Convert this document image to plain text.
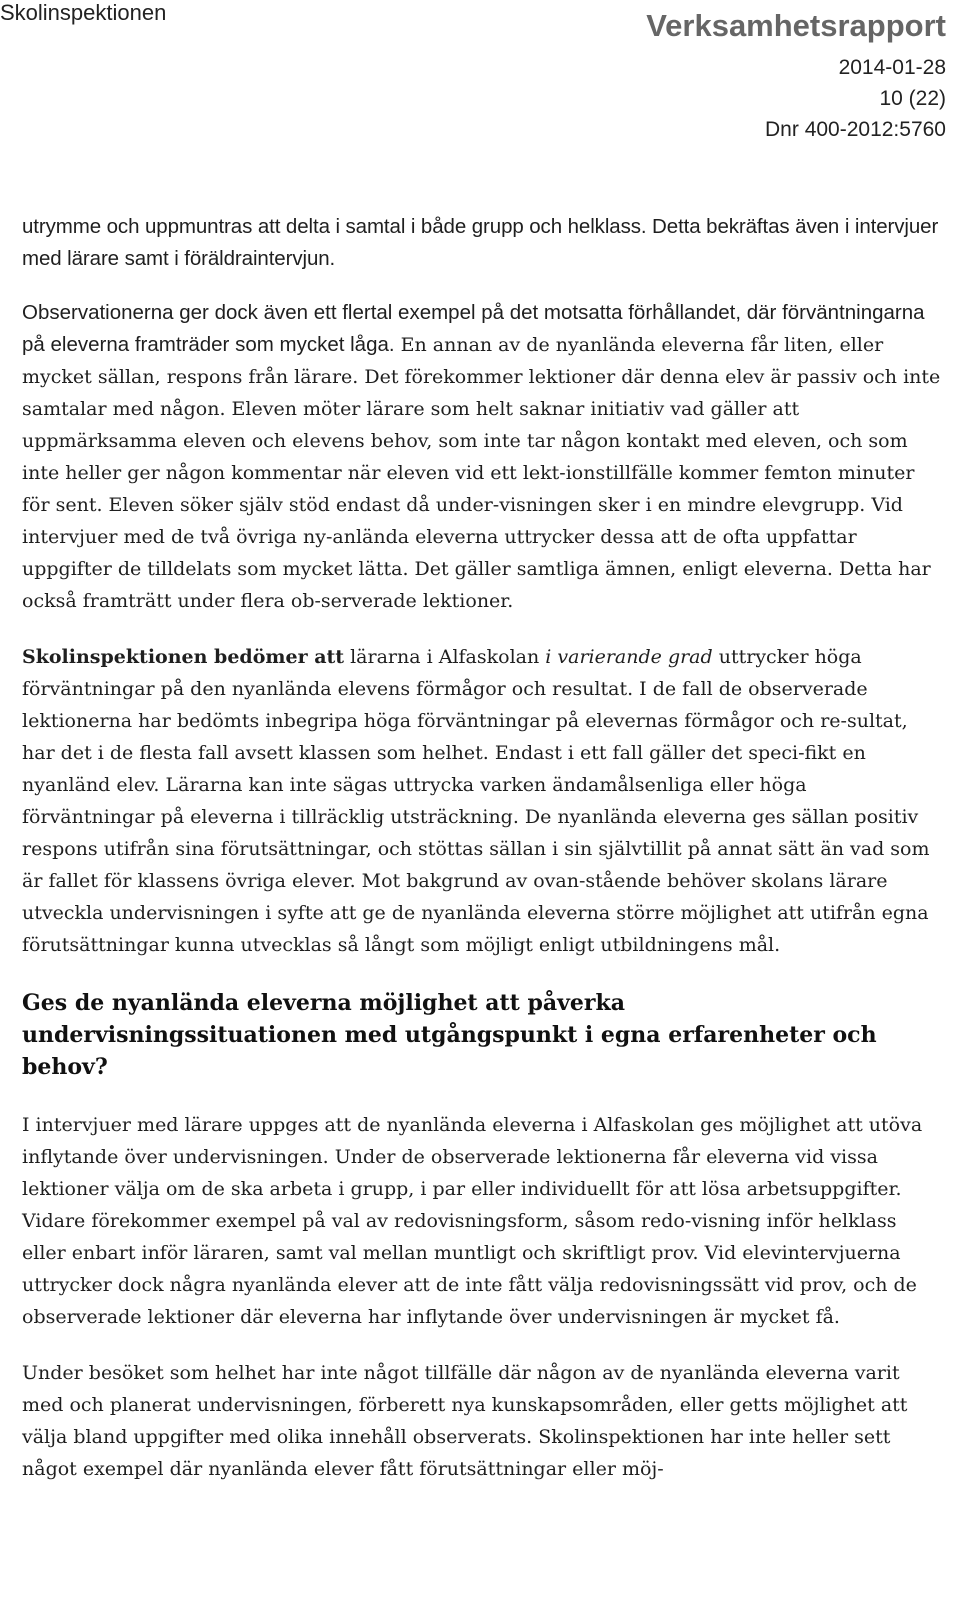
Skolinspektionen	Verksamhetsrapport
2014-01-28
10 (22)
Dnr 400-2012:5760

utrymme och uppmuntras att delta i samtal i både grupp och helklass. Detta bekräftas även i intervjuer med lärare samt i föräldraintervjun.

Observationerna ger dock även ett flertal exempel på det motsatta förhållandet, där förväntningarna på eleverna framträder som mycket låga. En annan av de nyanlända eleverna får liten, eller mycket sällan, respons från lärare. Det förekommer lektioner där denna elev är passiv och inte samtalar med någon. Eleven möter lärare som helt saknar initiativ vad gäller att uppmärksamma eleven och elevens behov, som inte tar någon kontakt med eleven, och som inte heller ger någon kommentar när eleven vid ett lekt-ionstillfälle kommer femton minuter för sent. Eleven söker själv stöd endast då under-visningen sker i en mindre elevgrupp. Vid intervjuer med de två övriga ny-anlända eleverna uttrycker dessa att de ofta uppfattar uppgifter de tilldelats som mycket lätta. Det gäller samtliga ämnen, enligt eleverna. Detta har också framträtt under flera ob-serverade lektioner.

Skolinspektionen bedömer att lärarna i Alfaskolan i varierande grad uttrycker höga förväntningar på den nyanlända elevens förmågor och resultat. I de fall de observerade lektionerna har bedömts inbegripa höga förväntningar på elevernas förmågor och re-sultat, har det i de flesta fall avsett klassen som helhet. Endast i ett fall gäller det speci-fikt en nyanländ elev. Lärarna kan inte sägas uttrycka varken ändamålsenliga eller höga förväntningar på eleverna i tillräcklig utsträckning. De nyanlända eleverna ges sällan positiv respons utifrån sina förutsättningar, och stöttas sällan i sin självtillit på annat sätt än vad som är fallet för klassens övriga elever. Mot bakgrund av ovan-stående behöver skolans lärare utveckla undervisningen i syfte att ge de nyanlända eleverna större möjlighet att utifrån egna förutsättningar kunna utvecklas så långt som möjligt enligt utbildningens mål.

Ges de nyanlända eleverna möjlighet att påverka undervisningssituationen med utgångspunkt i egna erfarenheter och behov?

I intervjuer med lärare uppges att de nyanlända eleverna i Alfaskolan ges möjlighet att utöva inflytande över undervisningen. Under de observerade lektionerna får eleverna vid vissa lektioner välja om de ska arbeta i grupp, i par eller individuellt för att lösa arbetsuppgifter. Vidare förekommer exempel på val av redovisningsform, såsom redo-visning inför helklass eller enbart inför läraren, samt val mellan muntligt och skriftligt prov. Vid elevintervjuerna uttrycker dock några nyanlända elever att de inte fått välja redovisningssätt vid prov, och de observerade lektioner där eleverna har inflytande över undervisningen är mycket få.

Under besöket som helhet har inte något tillfälle där någon av de nyanlända eleverna varit med och planerat undervisningen, förberett nya kunskapsområden, eller getts möjlighet att välja bland uppgifter med olika innehåll observerats. Skolinspektionen har inte heller sett något exempel där nyanlända elever fått förutsättningar eller möj-
